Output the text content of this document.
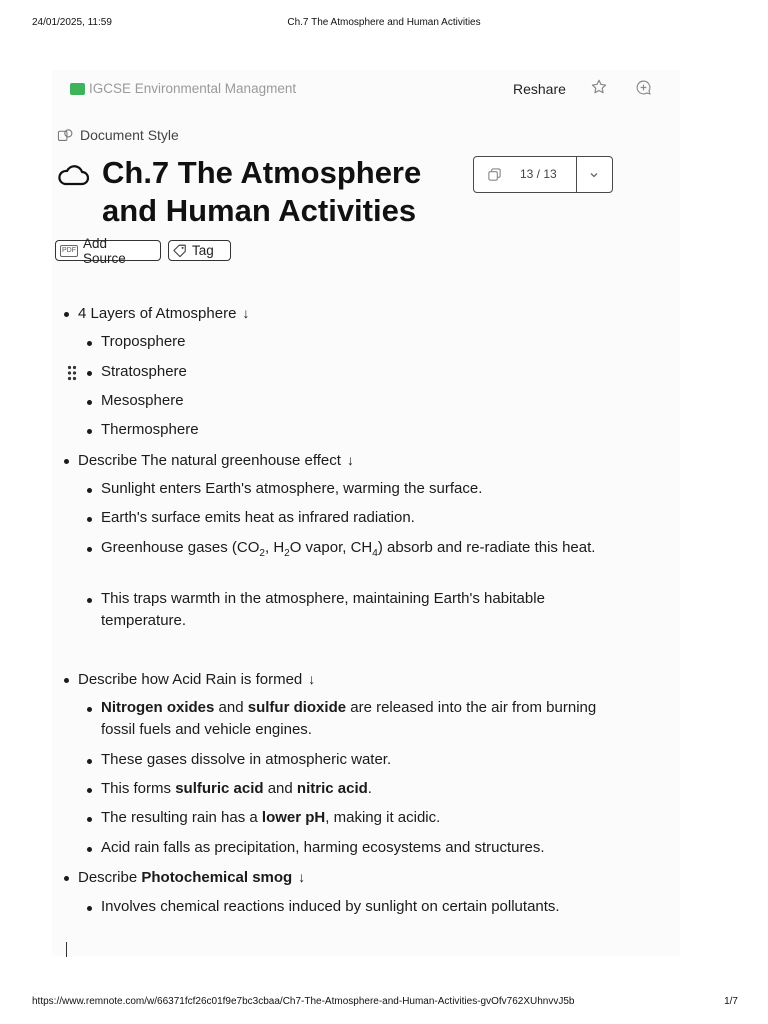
24/01/2025, 11:59	Ch.7 The Atmosphere and Human Activities
IGCSE Environmental Managment	Reshare
Document Style
Ch.7 The Atmosphere and Human Activities
13 / 13
PDF Add Source	Tag
4 Layers of Atmosphere ↓
Troposphere
Stratosphere
Mesosphere
Thermosphere
Describe The natural greenhouse effect ↓
Sunlight enters Earth's atmosphere, warming the surface.
Earth's surface emits heat as infrared radiation.
Greenhouse gases ($CO_2$, $H_2O$ vapor, $CH_4$) absorb and re-radiate this heat.
This traps warmth in the atmosphere, maintaining Earth's habitable temperature.
Describe how Acid Rain is formed ↓
Nitrogen oxides and sulfur dioxide are released into the air from burning fossil fuels and vehicle engines.
These gases dissolve in atmospheric water.
This forms sulfuric acid and nitric acid.
The resulting rain has a lower pH, making it acidic.
Acid rain falls as precipitation, harming ecosystems and structures.
Describe Photochemical smog ↓
Involves chemical reactions induced by sunlight on certain pollutants.
https://www.remnote.com/w/66371fcf26c01f9e7bc3cbaa/Ch7-The-Atmosphere-and-Human-Activities-gvOfv762XUhnvvJ5b	1/7
